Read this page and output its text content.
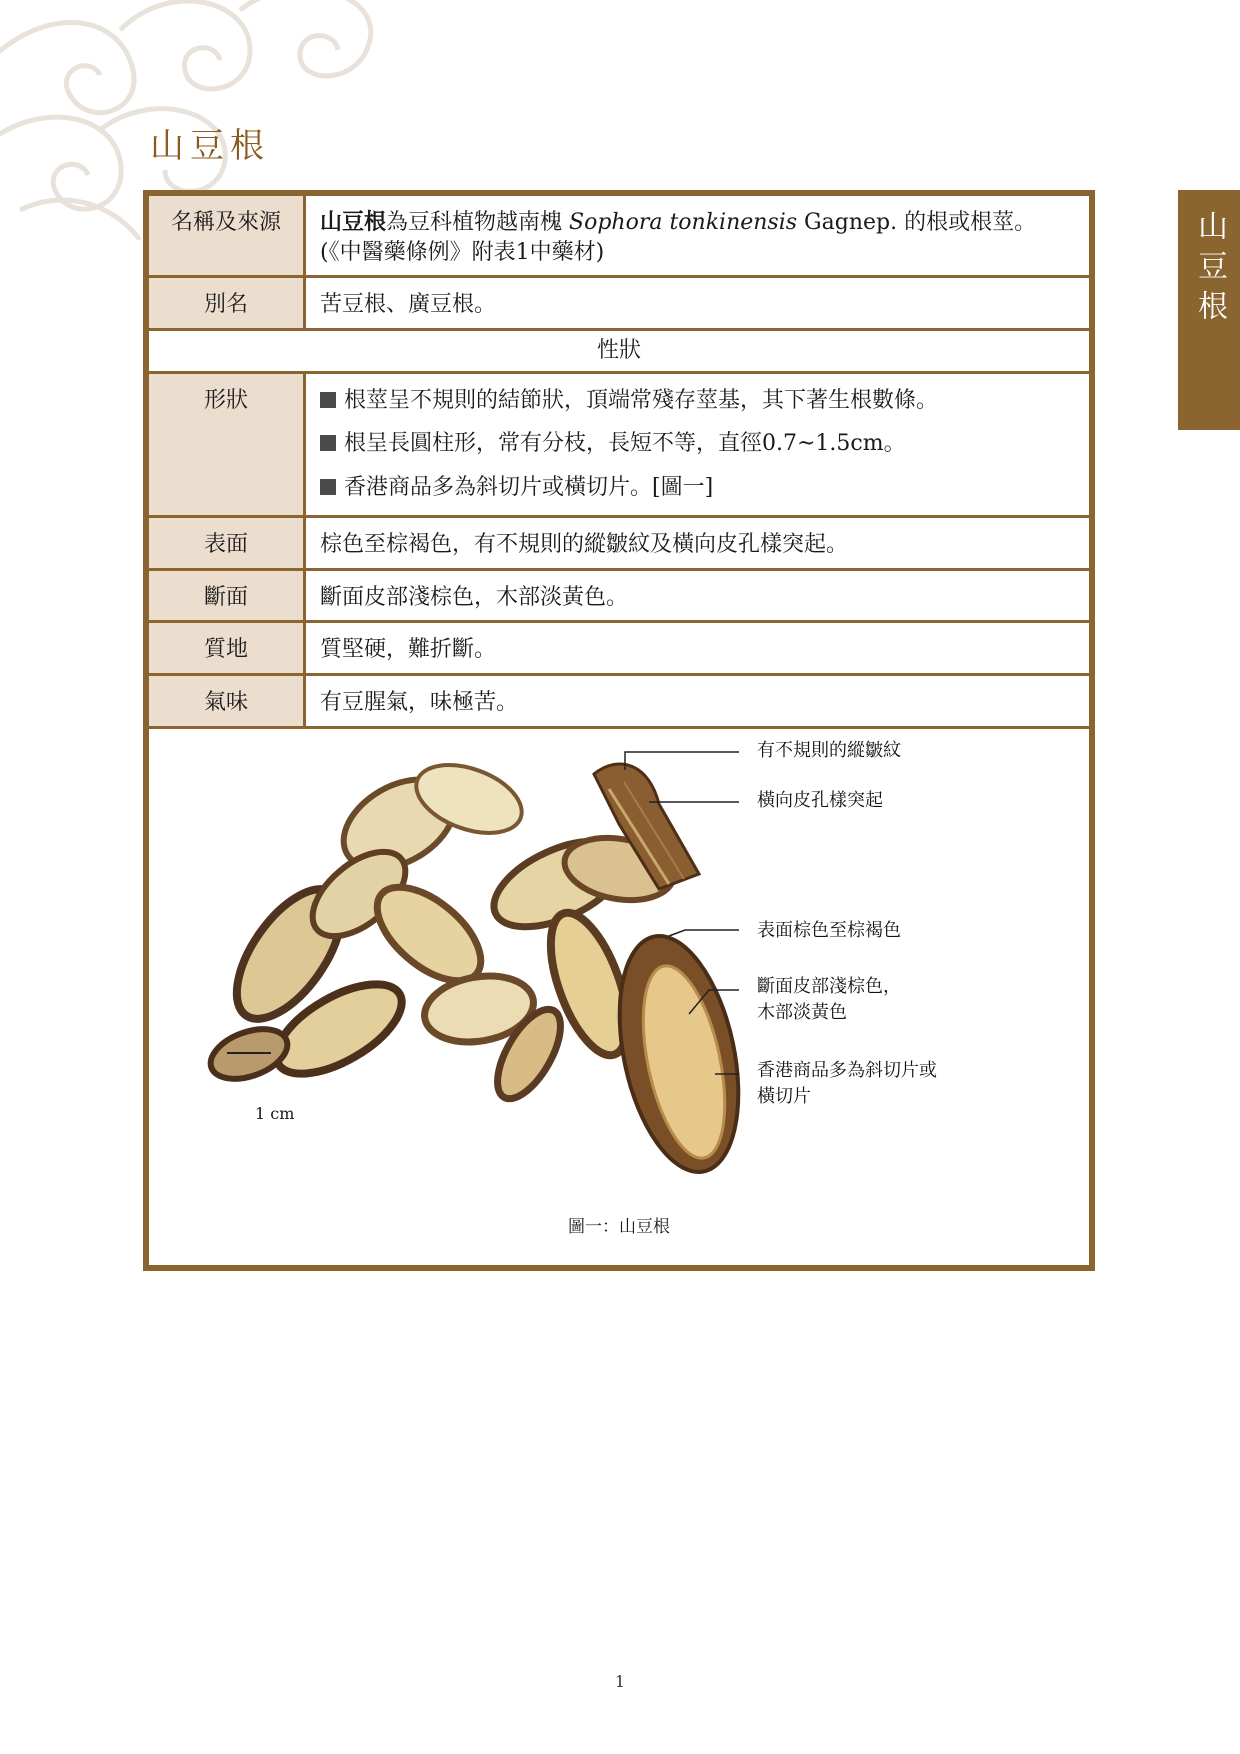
山豆根
山豆根
名稱及來源	山豆根為豆科植物越南槐 Sophora tonkinensis Gagnep. 的根或根莖。(《中醫藥條例》附表1中藥材)
別名	苦豆根、廣豆根。
性狀	
形狀	根莖呈不規則的結節狀，頂端常殘存莖基，其下著生根數條。
根呈長圓柱形，常有分枝，長短不等，直徑0.7~1.5cm。
香港商品多為斜切片或橫切片。[圖一]

表面	棕色至棕褐色，有不規則的縱皺紋及橫向皮孔樣突起。
斷面	斷面皮部淺棕色，木部淡黃色。
質地	質堅硬，難折斷。
氣味	有豆腥氣，味極苦。
有不規則的縱皺紋
橫向皮孔樣突起
表面棕色至棕褐色
斷面皮部淺棕色，
木部淡黃色
香港商品多為斜切片或
橫切片
1 cm
圖一：山豆根
1
